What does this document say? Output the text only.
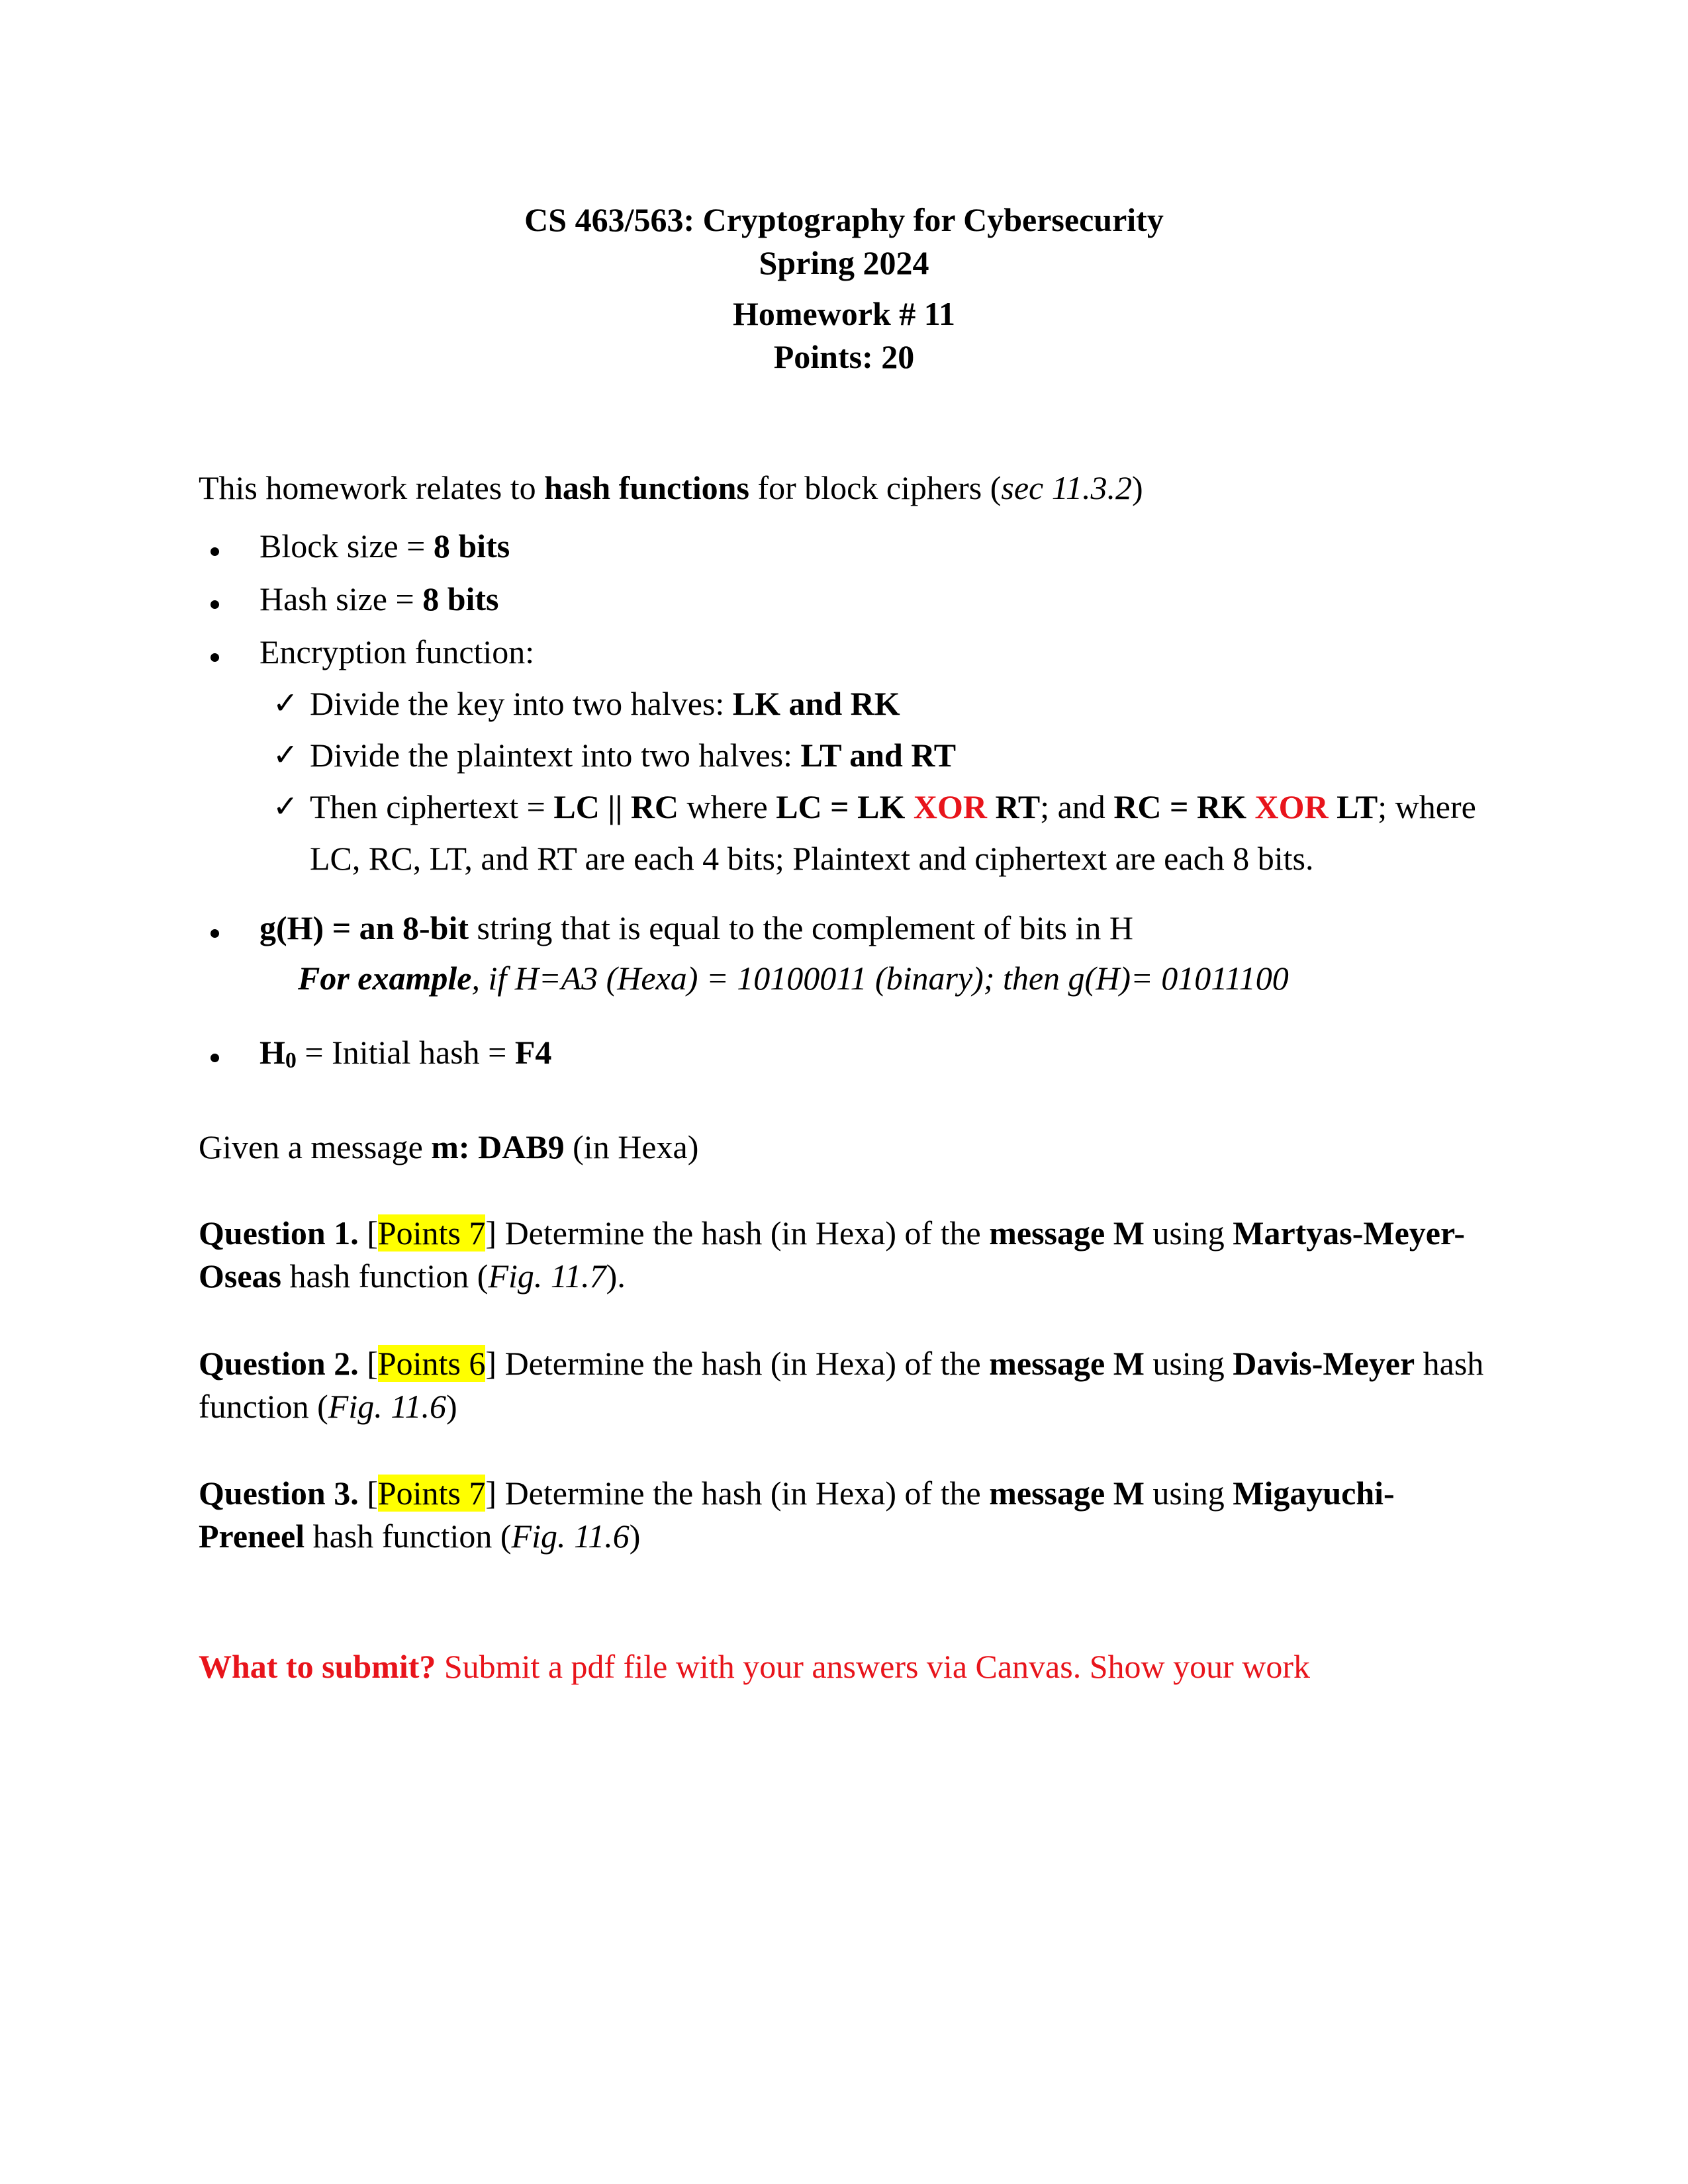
CS 463/563: Cryptography for Cybersecurity
Spring 2024
Homework # 11
Points: 20
This homework relates to hash functions for block ciphers (sec 11.3.2)
Block size = 8 bits
Hash size = 8 bits
Encryption function:
✓ Divide the key into two halves: LK and RK
✓ Divide the plaintext into two halves: LT and RT
✓ Then ciphertext = LC || RC where LC = LK XOR RT; and RC = RK XOR LT; where
LC, RC, LT, and RT are each 4 bits; Plaintext and ciphertext are each 8 bits.
g(H) = an 8-bit string that is equal to the complement of bits in H
For example, if H=A3 (Hexa) = 10100011 (binary); then g(H)= 01011100
$H_0$ = Initial hash = F4
Given a message m: DAB9 (in Hexa)
Question 1. [Points 7] Determine the hash (in Hexa) of the message M using Martyas-Meyer-
Oseas hash function (Fig. 11.7).
Question 2. [Points 6] Determine the hash (in Hexa) of the message M using Davis-Meyer hash
function (Fig. 11.6)
Question 3. [Points 7] Determine the hash (in Hexa) of the message M using Migayuchi-
Preneel hash function (Fig. 11.6)
What to submit? Submit a pdf file with your answers via Canvas. Show your work
